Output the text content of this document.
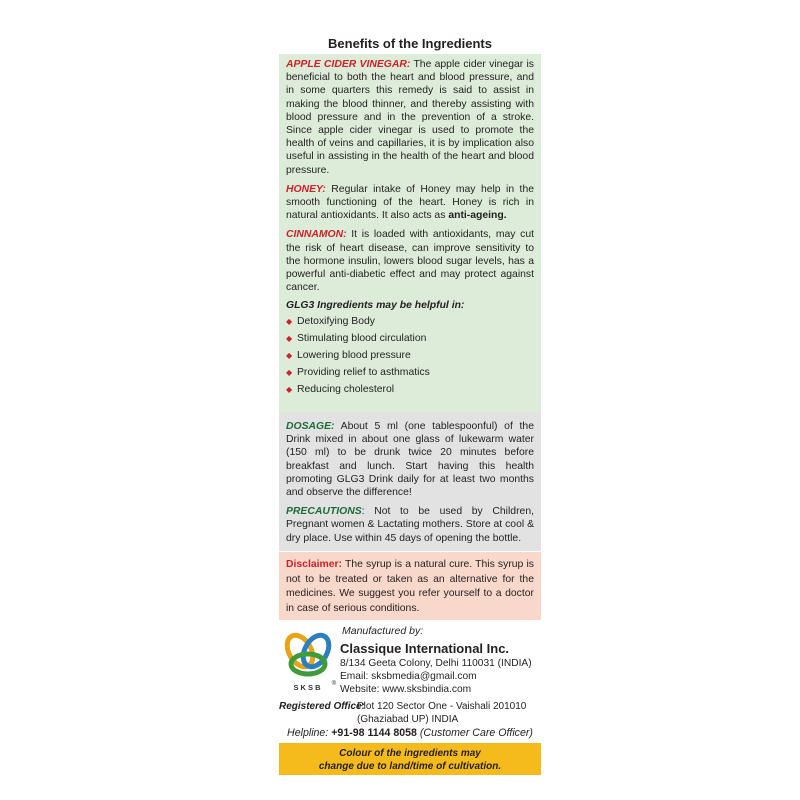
Benefits of the Ingredients

APPLE CIDER VINEGAR: The apple cider vinegar is beneficial to both the heart and blood pressure, and in some quarters this remedy is said to assist in making the blood thinner, and thereby assisting with blood pressure and in the prevention of a stroke. Since apple cider vinegar is used to promote the health of veins and capillaries, it is by implication also useful in assisting in the health of the heart and blood pressure.

HONEY: Regular intake of Honey may help in the smooth functioning of the heart. Honey is rich in natural antioxidants. It also acts as anti-ageing.

CINNAMON: It is loaded with antioxidants, may cut the risk of heart disease, can improve sensitivity to the hormone insulin, lowers blood sugar levels, has a powerful anti-diabetic effect and may protect against cancer.

GLG3 Ingredients may be helpful in:
◆ Detoxifying Body
◆ Stimulating blood circulation
◆ Lowering blood pressure
◆ Providing relief to asthmatics
◆ Reducing cholesterol

DOSAGE: About 5 ml (one tablespoonful) of the Drink mixed in about one glass of lukewarm water (150 ml) to be drunk twice 20 minutes before breakfast and lunch. Start having this health promoting GLG3 Drink daily for at least two months and observe the difference!

PRECAUTIONS: Not to be used by Children, Pregnant women & Lactating mothers. Store at cool & dry place. Use within 45 days of opening the bottle.

Disclaimer: The syrup is a natural cure. This syrup is not to be treated or taken as an alternative for the medicines. We suggest you refer yourself to a doctor in case of serious conditions.

S K S B ®
Manufactured by:
Classique International Inc.
8/134 Geeta Colony, Delhi 110031 (INDIA)
Email: sksbmedia@gmail.com
Website: www.sksbindia.com
Registered Office:
Plot 120 Sector One - Vaishali 201010
(Ghaziabad UP) INDIA
Helpline: +91-98 1144 8058 (Customer Care Officer)
Colour of the ingredients may
change due to land/time of cultivation.
